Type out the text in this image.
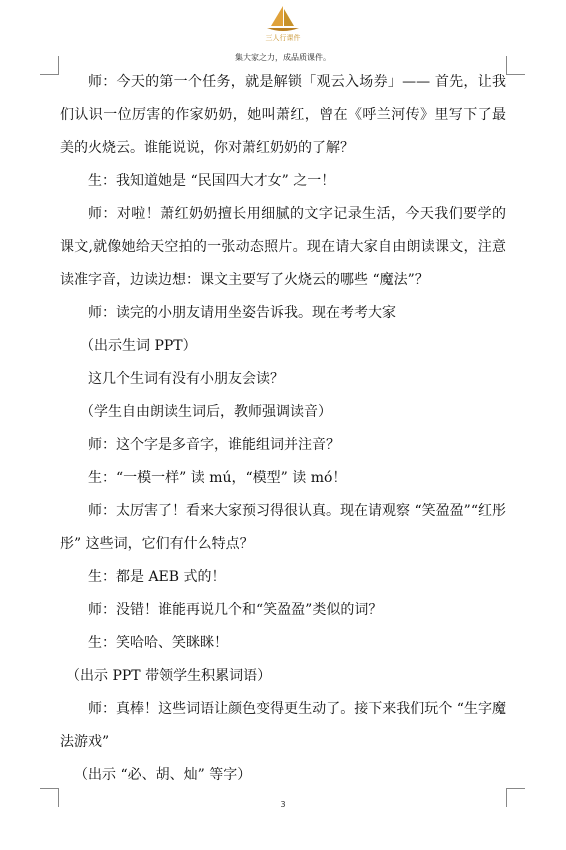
三人行课件
集大家之力，成品质课件。

师：今天的第一个任务，就是解锁「观云入场券」—— 首先，让我们认识一位厉害的作家奶奶，她叫萧红，曾在《呼兰河传》里写下了最美的火烧云。谁能说说，你对萧红奶奶的了解？

生：我知道她是 “民国四大才女” 之一！

师：对啦！萧红奶奶擅长用细腻的文字记录生活，今天我们要学的课文,就像她给天空拍的一张动态照片。现在请大家自由朗读课文，注意读准字音，边读边想：课文主要写了火烧云的哪些 “魔法”？

师：读完的小朋友请用坐姿告诉我。现在考考大家

（出示生词 PPT）

这几个生词有没有小朋友会读？

（学生自由朗读生词后，教师强调读音）

师：这个字是多音字，谁能组词并注音？

生：“一模一样” 读 mú，“模型” 读 mó！

师：太厉害了！看来大家预习得很认真。现在请观察 “笑盈盈”“红彤彤” 这些词，它们有什么特点？

生：都是 AEB 式的！

师：没错！谁能再说几个和“笑盈盈”类似的词？

生：笑哈哈、笑眯眯！

（出示 PPT 带领学生积累词语）

师：真棒！这些词语让颜色变得更生动了。接下来我们玩个 “生字魔法游戏”

（出示 “必、胡、灿” 等字）

3
